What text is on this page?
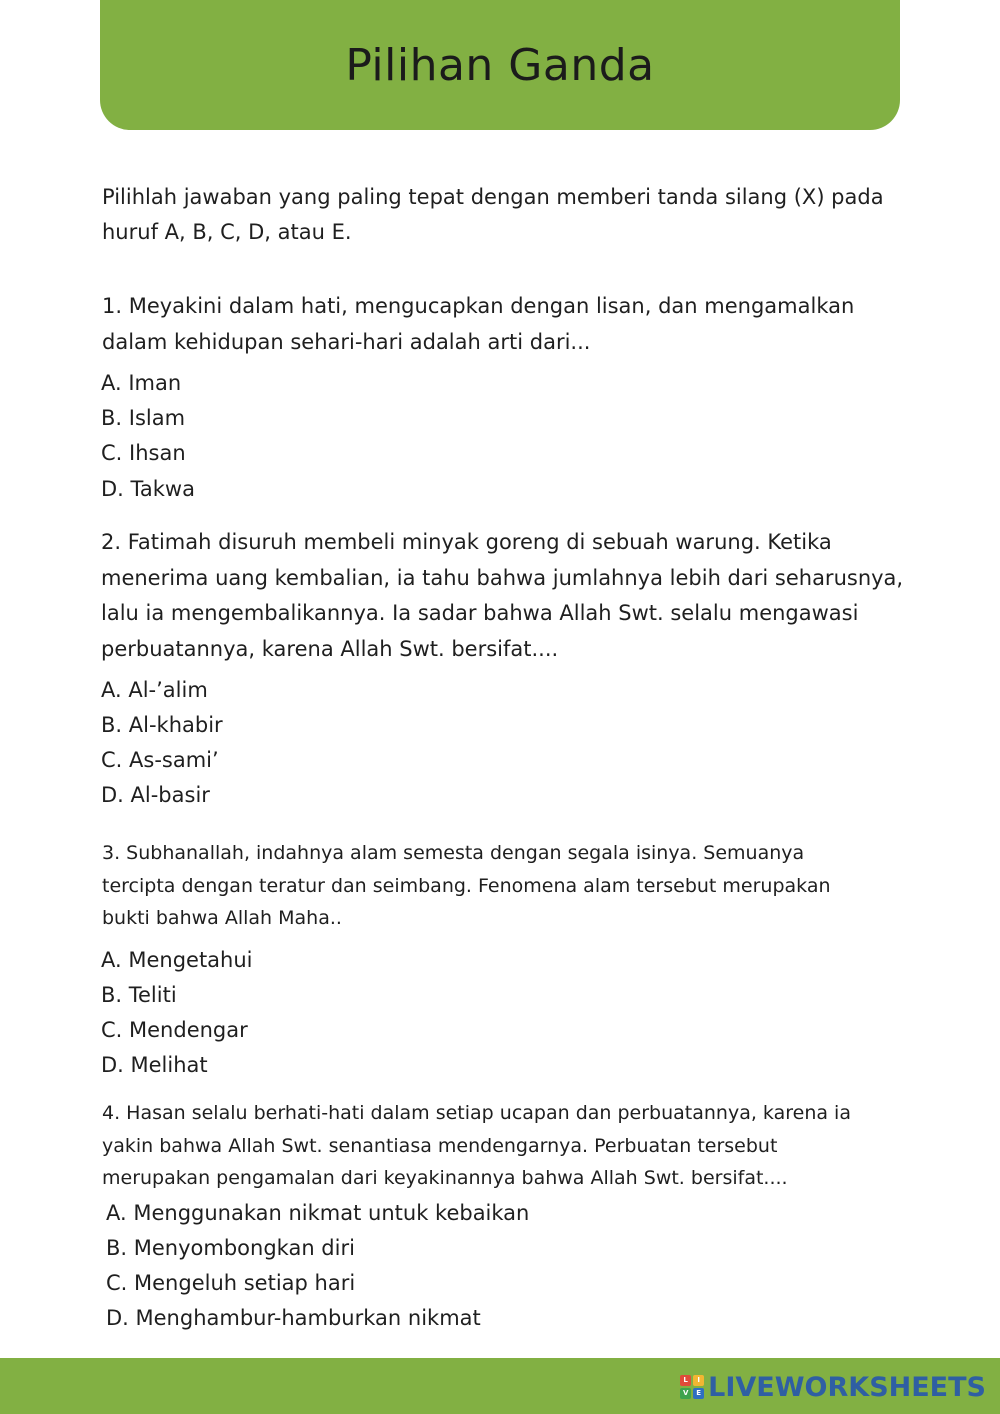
Pilihan Ganda
Pilihlah jawaban yang paling tepat dengan memberi tanda silang (X) pada huruf A, B, C, D, atau E.
1. Meyakini dalam hati, mengucapkan dengan lisan, dan mengamalkan
dalam kehidupan sehari-hari adalah arti dari...
A. Iman
B. Islam
C. Ihsan
D. Takwa
2. Fatimah disuruh membeli minyak goreng di sebuah warung. Ketika
menerima uang kembalian, ia tahu bahwa jumlahnya lebih dari seharusnya,
lalu ia mengembalikannya. Ia sadar bahwa Allah Swt. selalu mengawasi
perbuatannya, karena Allah Swt. bersifat....
A. Al-’alim
B. Al-khabir
C. As-sami’
D. Al-basir
3. Subhanallah, indahnya alam semesta dengan segala isinya. Semuanya
tercipta dengan teratur dan seimbang. Fenomena alam tersebut merupakan
bukti bahwa Allah Maha..
A. Mengetahui
B. Teliti
C. Mendengar
D. Melihat
4. Hasan selalu berhati-hati dalam setiap ucapan dan perbuatannya, karena ia
yakin bahwa Allah Swt. senantiasa mendengarnya. Perbuatan tersebut
merupakan pengamalan dari keyakinannya bahwa Allah Swt. bersifat....
A. Menggunakan nikmat untuk kebaikan
B. Menyombongkan diri
C. Mengeluh setiap hari
D. Menghambur-hamburkan nikmat
L	I
V	E LIVEWORKSHEETS
